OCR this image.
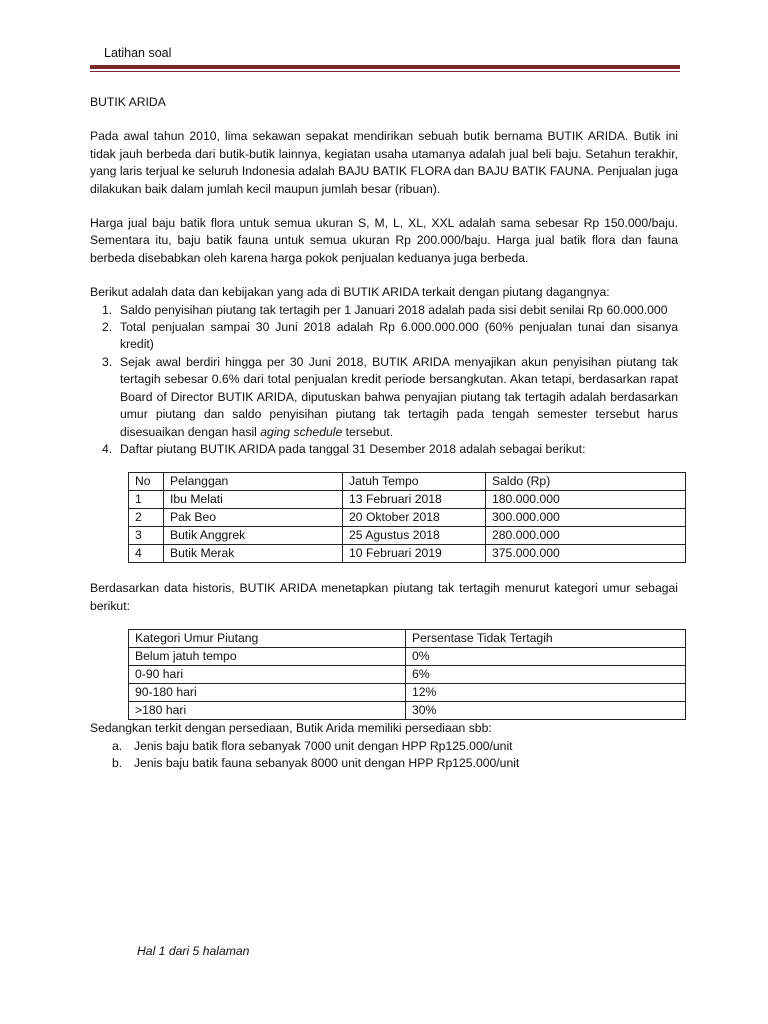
Latihan soal

BUTIK ARIDA

Pada awal tahun 2010, lima sekawan sepakat mendirikan sebuah butik bernama BUTIK ARIDA. Butik ini tidak jauh berbeda dari butik-butik lainnya, kegiatan usaha utamanya adalah jual beli baju. Setahun terakhir, yang laris terjual ke seluruh Indonesia adalah BAJU BATIK FLORA dan BAJU BATIK FAUNA. Penjualan juga dilakukan baik dalam jumlah kecil maupun jumlah besar (ribuan).

Harga jual baju batik flora untuk semua ukuran S, M, L, XL, XXL adalah sama sebesar Rp 150.000/baju. Sementara itu, baju batik fauna untuk semua ukuran Rp 200.000/baju. Harga jual batik flora dan fauna berbeda disebabkan oleh karena harga pokok penjualan keduanya juga berbeda.

Berikut adalah data dan kebijakan yang ada di BUTIK ARIDA terkait dengan piutang dagangnya:

1. Saldo penyisihan piutang tak tertagih per 1 Januari 2018 adalah pada sisi debit senilai Rp 60.000.000
2. Total penjualan sampai 30 Juni 2018 adalah Rp 6.000.000.000 (60% penjualan tunai dan sisanya kredit)
3. Sejak awal berdiri hingga per 30 Juni 2018, BUTIK ARIDA menyajikan akun penyisihan piutang tak tertagih sebesar 0.6% dari total penjualan kredit periode bersangkutan. Akan tetapi, berdasarkan rapat Board of Director BUTIK ARIDA, diputuskan bahwa penyajian piutang tak tertagih adalah berdasarkan umur piutang dan saldo penyisihan piutang tak tertagih pada tengah semester tersebut harus disesuaikan dengan hasil aging schedule tersebut.
4. Daftar piutang BUTIK ARIDA pada tanggal 31 Desember 2018 adalah sebagai berikut:
No	Pelanggan	Jatuh Tempo	Saldo (Rp)
1	Ibu Melati	13 Februari 2018	180.000.000
2	Pak Beo	20 Oktober 2018	300.000.000
3	Butik Anggrek	25 Agustus 2018	280.000.000
4	Butik Merak	10 Februari 2019	375.000.000

Berdasarkan data historis, BUTIK ARIDA menetapkan piutang tak tertagih menurut kategori umur sebagai berikut:

Kategori Umur Piutang	Persentase Tidak Tertagih
Belum jatuh tempo	0%
0-90 hari	6%
90-180 hari	12%
>180 hari	30%

Sedangkan terkit dengan persediaan, Butik Arida memiliki persediaan sbb:

a. Jenis baju batik flora sebanyak 7000 unit dengan HPP Rp125.000/unit
b. Jenis baju batik fauna sebanyak 8000 unit dengan HPP Rp125.000/unit
Hal 1 dari 5 halaman
